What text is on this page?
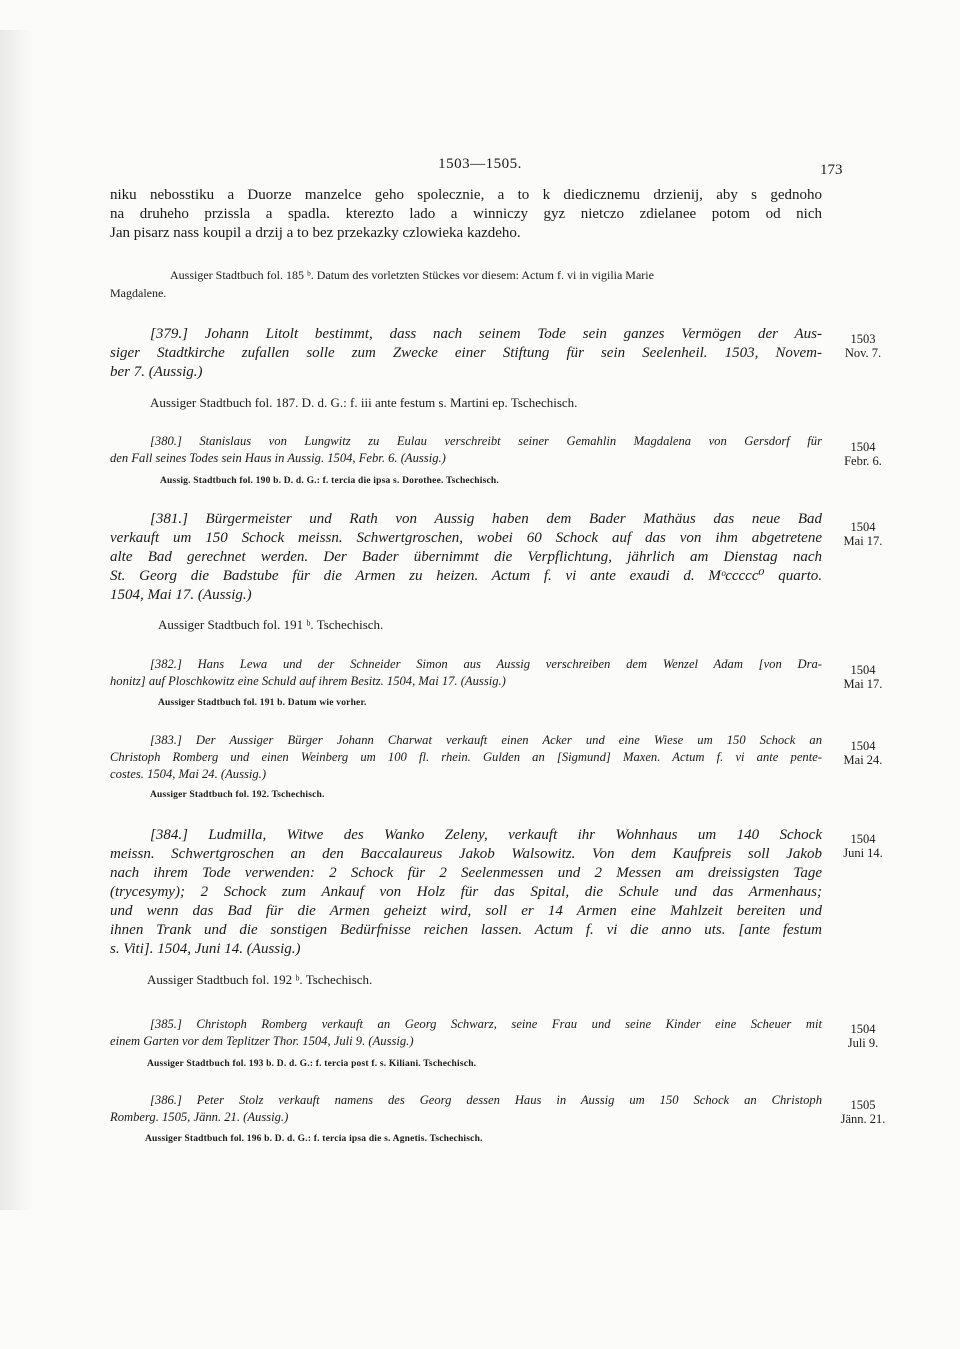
1503—1505.	173
niku nebosstiku a Duorze manzelce geho spolecznie, a to k diedicznemu drzienij, aby s gednoho
na druheho przissla a spadla. kterezto lado a winniczy gyz nietczo zdielanee potom od nich
Jan pisarz nass koupil a drzij a to bez przekazky czlowieka kazdeho.
Aussiger Stadtbuch fol. 185 ᵇ. Datum des vorletzten Stückes vor diesem: Actum f. vi in vigilia Marie
Magdalene.
[379.] Johann Litolt bestimmt, dass nach seinem Tode sein ganzes Vermögen der Aus-
siger Stadtkirche zufallen solle zum Zwecke einer Stiftung für sein Seelenheil. 1503, Novem-
ber 7. (Aussig.)
Aussiger Stadtbuch fol. 187. D. d. G.: f. iii ante festum s. Martini ep. Tschechisch.
1503
Nov. 7.
[380.] Stanislaus von Lungwitz zu Eulau verschreibt seiner Gemahlin Magdalena von Gersdorf für
den Fall seines Todes sein Haus in Aussig. 1504, Febr. 6. (Aussig.)
Aussig. Stadtbuch fol. 190 b. D. d. G.: f. tercia die ipsa s. Dorothee. Tschechisch.
1504
Febr. 6.
[381.] Bürgermeister und Rath von Aussig haben dem Bader Mathäus das neue Bad
verkauft um 150 Schock meissn. Schwertgroschen, wobei 60 Schock auf das von ihm abgetretene
alte Bad gerechnet werden. Der Bader übernimmt die Verpflichtung, jährlich am Dienstag nach
St. Georg die Badstube für die Armen zu heizen. Actum f. vi ante exaudi d. Mᵒccccc⁰ quarto.
1504, Mai 17. (Aussig.)
Aussiger Stadtbuch fol. 191 ᵇ. Tschechisch.
1504
Mai 17.
[382.] Hans Lewa und der Schneider Simon aus Aussig verschreiben dem Wenzel Adam [von Dra-
honitz] auf Ploschkowitz eine Schuld auf ihrem Besitz. 1504, Mai 17. (Aussig.)
Aussiger Stadtbuch fol. 191 b. Datum wie vorher.
1504
Mai 17.
[383.] Der Aussiger Bürger Johann Charwat verkauft einen Acker und eine Wiese um 150 Schock an
Christoph Romberg und einen Weinberg um 100 fl. rhein. Gulden an [Sigmund] Maxen. Actum f. vi ante pente-
costes. 1504, Mai 24. (Aussig.)
Aussiger Stadtbuch fol. 192. Tschechisch.
1504
Mai 24.
[384.] Ludmilla, Witwe des Wanko Zeleny, verkauft ihr Wohnhaus um 140 Schock
meissn. Schwertgroschen an den Baccalaureus Jakob Walsowitz. Von dem Kaufpreis soll Jakob
nach ihrem Tode verwenden: 2 Schock für 2 Seelenmessen und 2 Messen am dreissigsten Tage
(trycesymy); 2 Schock zum Ankauf von Holz für das Spital, die Schule und das Armenhaus;
und wenn das Bad für die Armen geheizt wird, soll er 14 Armen eine Mahlzeit bereiten und
ihnen Trank und die sonstigen Bedürfnisse reichen lassen. Actum f. vi die anno uts. [ante festum
s. Viti]. 1504, Juni 14. (Aussig.)
Aussiger Stadtbuch fol. 192 ᵇ. Tschechisch.
1504
Juni 14.
[385.] Christoph Romberg verkauft an Georg Schwarz, seine Frau und seine Kinder eine Scheuer mit
einem Garten vor dem Teplitzer Thor. 1504, Juli 9. (Aussig.)
Aussiger Stadtbuch fol. 193 b. D. d. G.: f. tercia post f. s. Kiliani. Tschechisch.
1504
Juli 9.
[386.] Peter Stolz verkauft namens des Georg dessen Haus in Aussig um 150 Schock an Christoph
Romberg. 1505, Jänn. 21. (Aussig.)
Aussiger Stadtbuch fol. 196 b. D. d. G.: f. tercia ipsa die s. Agnetis. Tschechisch.
1505
Jänn. 21.
